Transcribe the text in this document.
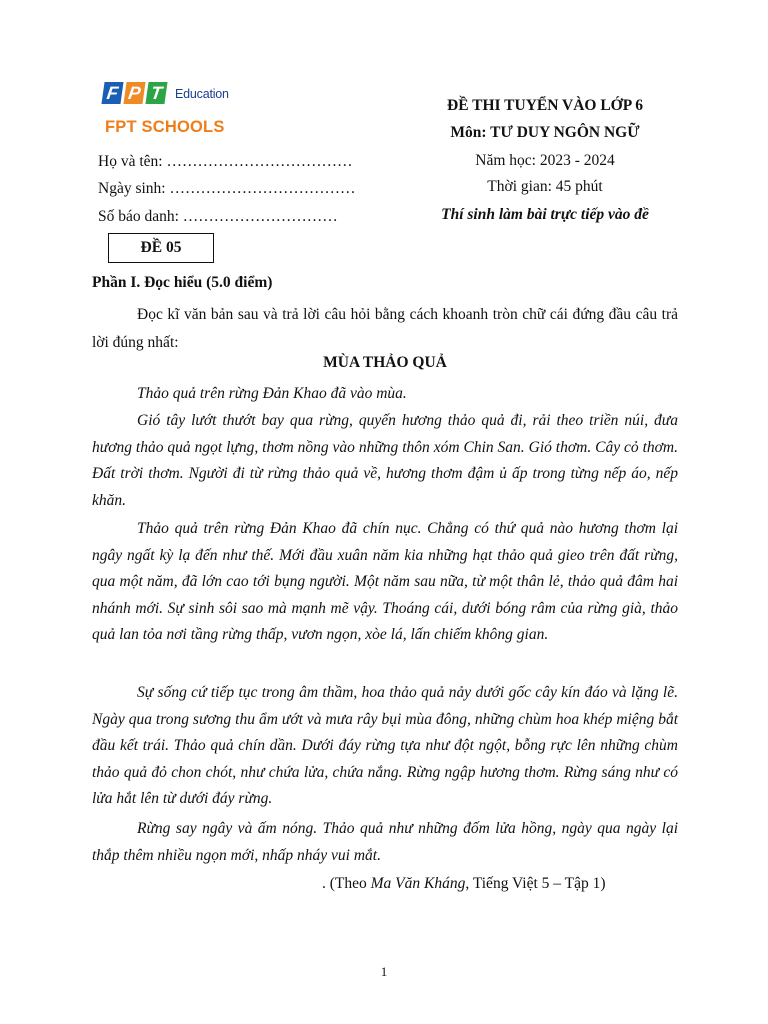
F P T Education
FPT SCHOOLS
Họ và tên: ………………………………
Ngày sinh: ………………………………
Số báo danh: …………………………
ĐỀ THI TUYỂN VÀO LỚP 6
Môn: TƯ DUY NGÔN NGỮ
Năm học: 2023 - 2024
Thời gian: 45 phút
Thí sinh làm bài trực tiếp vào đề
ĐỀ 05
Phần I. Đọc hiểu (5.0 điểm)

Đọc kĩ văn bản sau và trả lời câu hỏi bằng cách khoanh tròn chữ cái đứng đầu câu trả lời đúng nhất:

MÙA THẢO QUẢ

Thảo quả trên rừng Đản Khao đã vào mùa.

Gió tây lướt thướt bay qua rừng, quyến hương thảo quả đi, rải theo triền núi, đưa hương thảo quả ngọt lựng, thơm nồng vào những thôn xóm Chin San. Gió thơm. Cây cỏ thơm. Đất trời thơm. Người đi từ rừng thảo quả về, hương thơm đậm ủ ấp trong từng nếp áo, nếp khăn.

Thảo quả trên rừng Đản Khao đã chín nục. Chẳng có thứ quả nào hương thơm lại ngây ngất kỳ lạ đến như thế. Mới đầu xuân năm kia những hạt thảo quả gieo trên đất rừng, qua một năm, đã lớn cao tới bụng người. Một năm sau nữa, từ một thân lẻ, thảo quả đâm hai nhánh mới. Sự sinh sôi sao mà mạnh mẽ vậy. Thoáng cái, dưới bóng râm của rừng già, thảo quả lan tỏa nơi tầng rừng thấp, vươn ngọn, xòe lá, lấn chiếm không gian.

Sự sống cứ tiếp tục trong âm thầm, hoa thảo quả nảy dưới gốc cây kín đáo và lặng lẽ. Ngày qua trong sương thu ẩm ướt và mưa rây bụi mùa đông, những chùm hoa khép miệng bắt đầu kết trái. Thảo quả chín dần. Dưới đáy rừng tựa như đột ngột, bỗng rực lên những chùm thảo quả đỏ chon chót, như chứa lửa, chứa nắng. Rừng ngập hương thơm. Rừng sáng như có lửa hắt lên từ dưới đáy rừng.

Rừng say ngây và ấm nóng. Thảo quả như những đốm lửa hồng, ngày qua ngày lại thắp thêm nhiều ngọn mới, nhấp nháy vui mắt.

. (Theo Ma Văn Kháng, Tiếng Việt 5 – Tập 1)
1
